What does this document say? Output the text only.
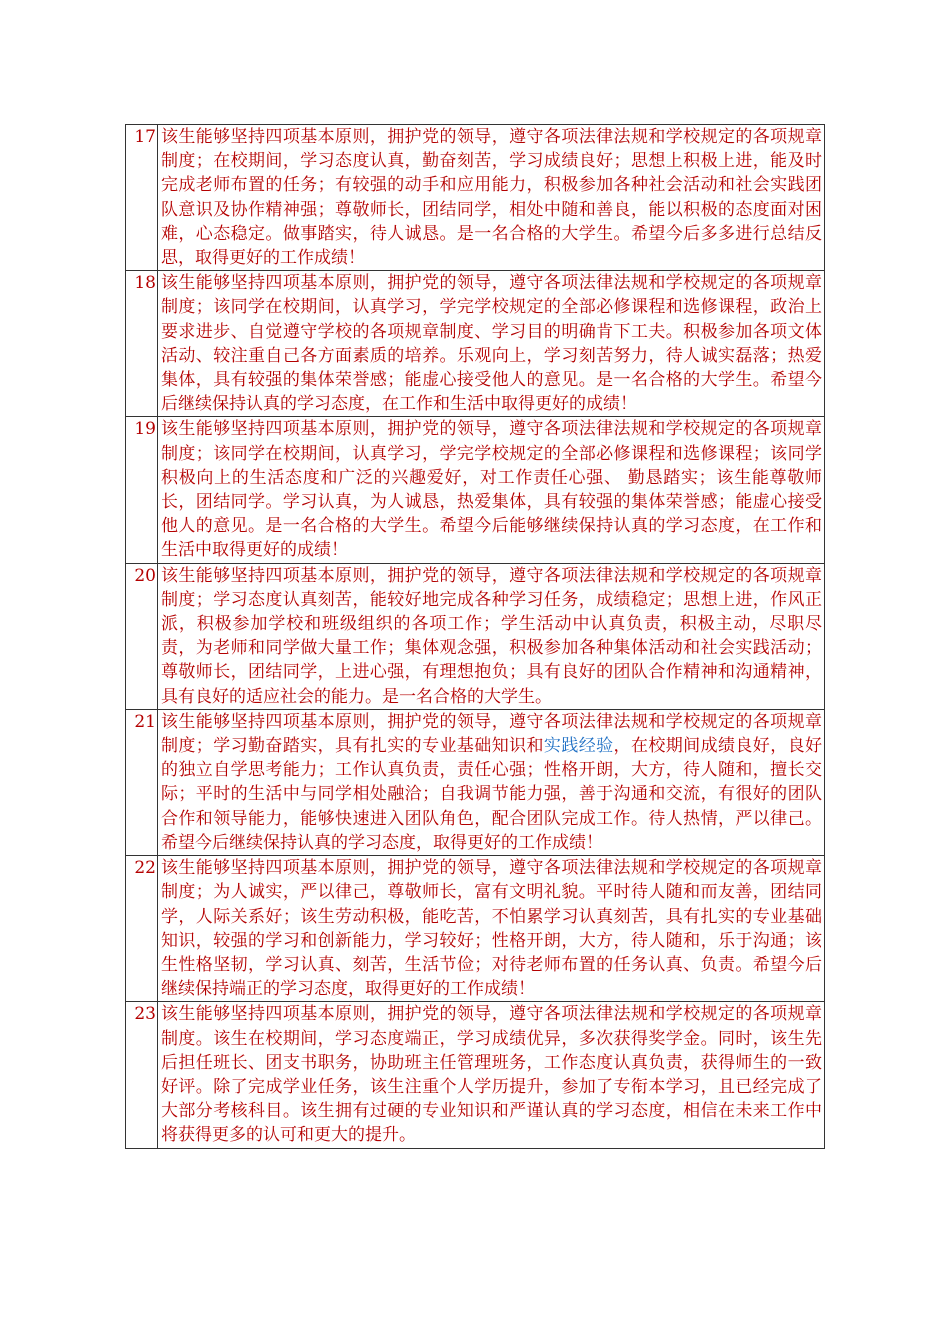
17	该生能够坚持四项基本原则，拥护党的领导，遵守各项法律法规和学校规定的各项规章制度；在校期间，学习态度认真，勤奋刻苦，学习成绩良好；思想上积极上进，能及时完成老师布置的任务；有较强的动手和应用能力，积极参加各种社会活动和社会实践团队意识及协作精神强；尊敬师长，团结同学，相处中随和善良，能以积极的态度面对困难，心态稳定。做事踏实，待人诚恳。是一名合格的大学生。希望今后多多进行总结反思，取得更好的工作成绩！
18	该生能够坚持四项基本原则，拥护党的领导，遵守各项法律法规和学校规定的各项规章制度；该同学在校期间，认真学习，学完学校规定的全部必修课程和选修课程，政治上要求进步、自觉遵守学校的各项规章制度、学习目的明确肯下工夫。积极参加各项文体活动、较注重自己各方面素质的培养。乐观向上，学习刻苦努力，待人诚实磊落；热爱集体，具有较强的集体荣誉感；能虚心接受他人的意见。是一名合格的大学生。希望今后继续保持认真的学习态度，在工作和生活中取得更好的成绩！
19	该生能够坚持四项基本原则，拥护党的领导，遵守各项法律法规和学校规定的各项规章制度；该同学在校期间，认真学习，学完学校规定的全部必修课程和选修课程；该同学积极向上的生活态度和广泛的兴趣爱好，对工作责任心强、 勤恳踏实；该生能尊敬师长，团结同学。学习认真，为人诚恳，热爱集体，具有较强的集体荣誉感；能虚心接受他人的意见。是一名合格的大学生。希望今后能够继续保持认真的学习态度，在工作和生活中取得更好的成绩！
20	该生能够坚持四项基本原则，拥护党的领导，遵守各项法律法规和学校规定的各项规章制度；学习态度认真刻苦，能较好地完成各种学习任务，成绩稳定；思想上进，作风正派，积极参加学校和班级组织的各项工作；学生活动中认真负责，积极主动，尽职尽责，为老师和同学做大量工作；集体观念强，积极参加各种集体活动和社会实践活动；尊敬师长，团结同学，上进心强，有理想抱负；具有良好的团队合作精神和沟通精神，具有良好的适应社会的能力。是一名合格的大学生。
21	该生能够坚持四项基本原则，拥护党的领导，遵守各项法律法规和学校规定的各项规章制度；学习勤奋踏实，具有扎实的专业基础知识和实践经验，在校期间成绩良好，良好的独立自学思考能力；工作认真负责，责任心强；性格开朗，大方，待人随和，擅长交际；平时的生活中与同学相处融洽；自我调节能力强，善于沟通和交流，有很好的团队合作和领导能力，能够快速进入团队角色，配合团队完成工作。待人热情，严以律己。希望今后继续保持认真的学习态度，取得更好的工作成绩！
22	该生能够坚持四项基本原则，拥护党的领导，遵守各项法律法规和学校规定的各项规章制度；为人诚实，严以律己，尊敬师长，富有文明礼貌。平时待人随和而友善，团结同学，人际关系好；该生劳动积极，能吃苦，不怕累学习认真刻苦，具有扎实的专业基础知识，较强的学习和创新能力，学习较好；性格开朗，大方，待人随和，乐于沟通；该生性格坚韧，学习认真、刻苦，生活节俭；对待老师布置的任务认真、负责。希望今后继续保持端正的学习态度，取得更好的工作成绩！
23	该生能够坚持四项基本原则，拥护党的领导，遵守各项法律法规和学校规定的各项规章制度。该生在校期间，学习态度端正，学习成绩优异，多次获得奖学金。同时，该生先后担任班长、团支书职务，协助班主任管理班务，工作态度认真负责，获得师生的一致好评。除了完成学业任务，该生注重个人学历提升，参加了专衔本学习，且已经完成了大部分考核科目。该生拥有过硬的专业知识和严谨认真的学习态度，相信在未来工作中将获得更多的认可和更大的提升。
